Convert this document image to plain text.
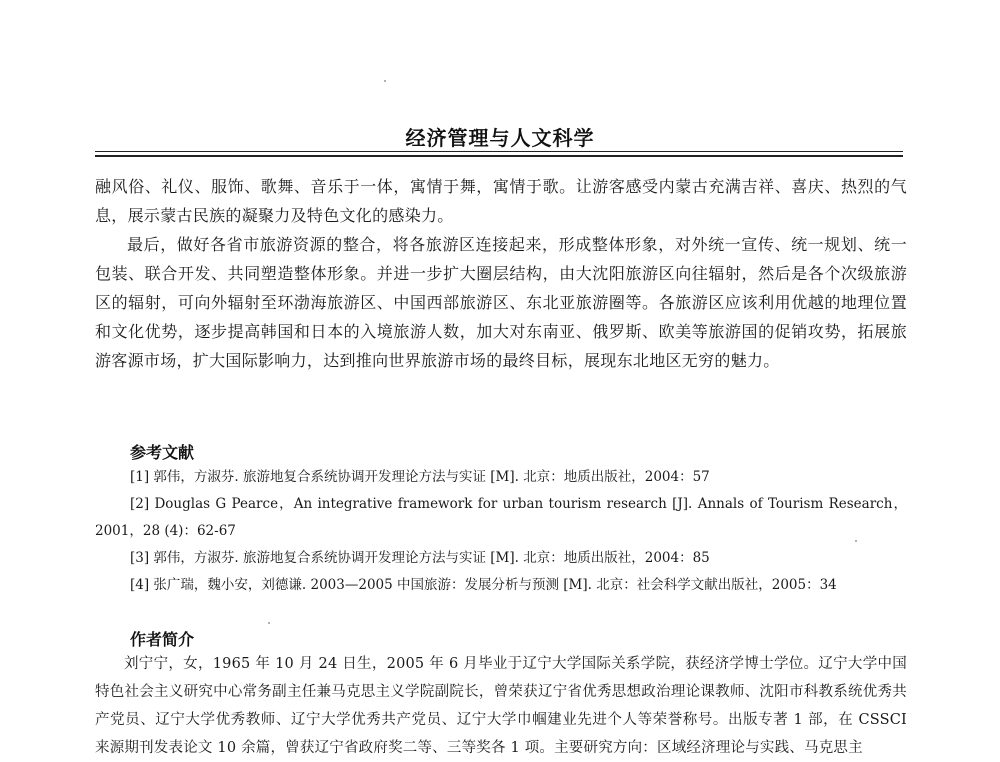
经济管理与人文科学

融风俗、礼仪、服饰、歌舞、音乐于一体，寓情于舞，寓情于歌。让游客感受内蒙古充满吉祥、喜庆、热烈的气息，展示蒙古民族的凝聚力及特色文化的感染力。

最后，做好各省市旅游资源的整合，将各旅游区连接起来，形成整体形象，对外统一宣传、统一规划、统一包装、联合开发、共同塑造整体形象。并进一步扩大圈层结构，由大沈阳旅游区向往辐射，然后是各个次级旅游区的辐射，可向外辐射至环渤海旅游区、中国西部旅游区、东北亚旅游圈等。各旅游区应该利用优越的地理位置和文化优势，逐步提高韩国和日本的入境旅游人数，加大对东南亚、俄罗斯、欧美等旅游国的促销攻势，拓展旅游客源市场，扩大国际影响力，达到推向世界旅游市场的最终目标，展现东北地区无穷的魅力。

参考文献

[1] 郭伟，方淑芬. 旅游地复合系统协调开发理论方法与实证 [M]. 北京：地质出版社，2004：57

[2] Douglas G Pearce，An integrative framework for urban tourism research [J]. Annals of Tourism Research，2001，28 (4)：62-67

[3] 郭伟，方淑芬. 旅游地复合系统协调开发理论方法与实证 [M]. 北京：地质出版社，2004：85

[4] 张广瑞，魏小安，刘德谦. 2003—2005 中国旅游：发展分析与预测 [M]. 北京：社会科学文献出版社，2005：34

作者简介

刘宁宁，女，1965 年 10 月 24 日生，2005 年 6 月毕业于辽宁大学国际关系学院，获经济学博士学位。辽宁大学中国特色社会主义研究中心常务副主任兼马克思主义学院副院长，曾荣获辽宁省优秀思想政治理论课教师、沈阳市科教系统优秀共产党员、辽宁大学优秀教师、辽宁大学优秀共产党员、辽宁大学巾帼建业先进个人等荣誉称号。出版专著 1 部，在 CSSCI 来源期刊发表论文 10 余篇，曾获辽宁省政府奖二等、三等奖各 1 项。主要研究方向：区域经济理论与实践、马克思主
